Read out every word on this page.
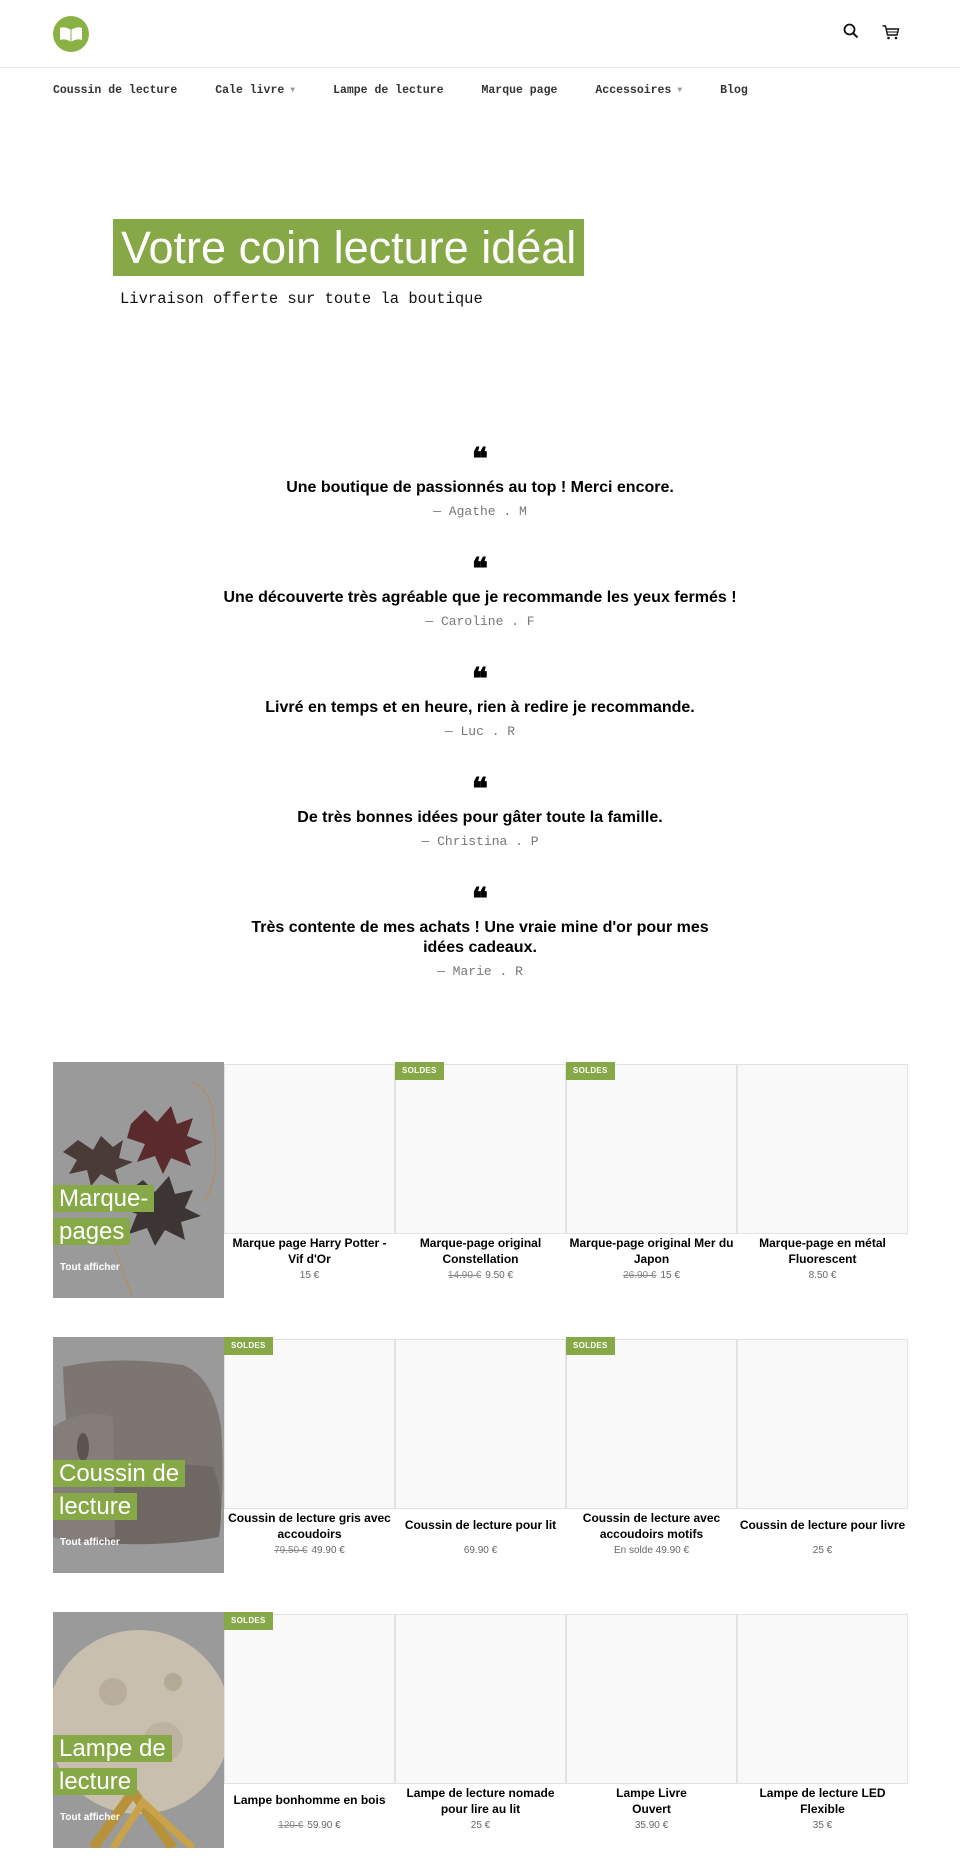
Coussin de lecture	Cale livre ▼	Lampe de lecture	Marque page	Accessoires ▼	Blog
Votre coin lecture idéal
Livraison offerte sur toute la boutique
❝
Une boutique de passionnés au top ! Merci encore.
— Agathe . M
❝
Une découverte très agréable que je recommande les yeux fermés !
— Caroline . F
❝
Livré en temps et en heure, rien à redire je recommande.
— Luc . R
❝
De très bonnes idées pour gâter toute la famille.
— Christina . P
❝
Très contente de mes achats ! Une vraie mine d'or pour mes idées cadeaux.
— Marie . R
Marque-pages
Tout afficher
Marque page Harry Potter - Vif d'Or
15 €
SOLDES
Marque-page original Constellation
14.90 € 9.50 €
SOLDES
Marque-page original Mer du Japon
26.90 € 15 €
Marque-page en métal Fluorescent
8.50 €
Coussin de lecture
Tout afficher
SOLDES
Coussin de lecture gris avec accoudoirs
79.50 € 49.90 €
Coussin de lecture pour lit
69.90 €
SOLDES
Coussin de lecture avec accoudoirs motifs
En solde 49.90 €
Coussin de lecture pour livre
25 €
Lampe de lecture
Tout afficher
SOLDES
Lampe bonhomme en bois
120 € 59.90 €
Lampe de lecture nomade pour lire au lit
25 €
Lampe Livre Ouvert
35.90 €
Lampe de lecture LED Flexible
35 €
